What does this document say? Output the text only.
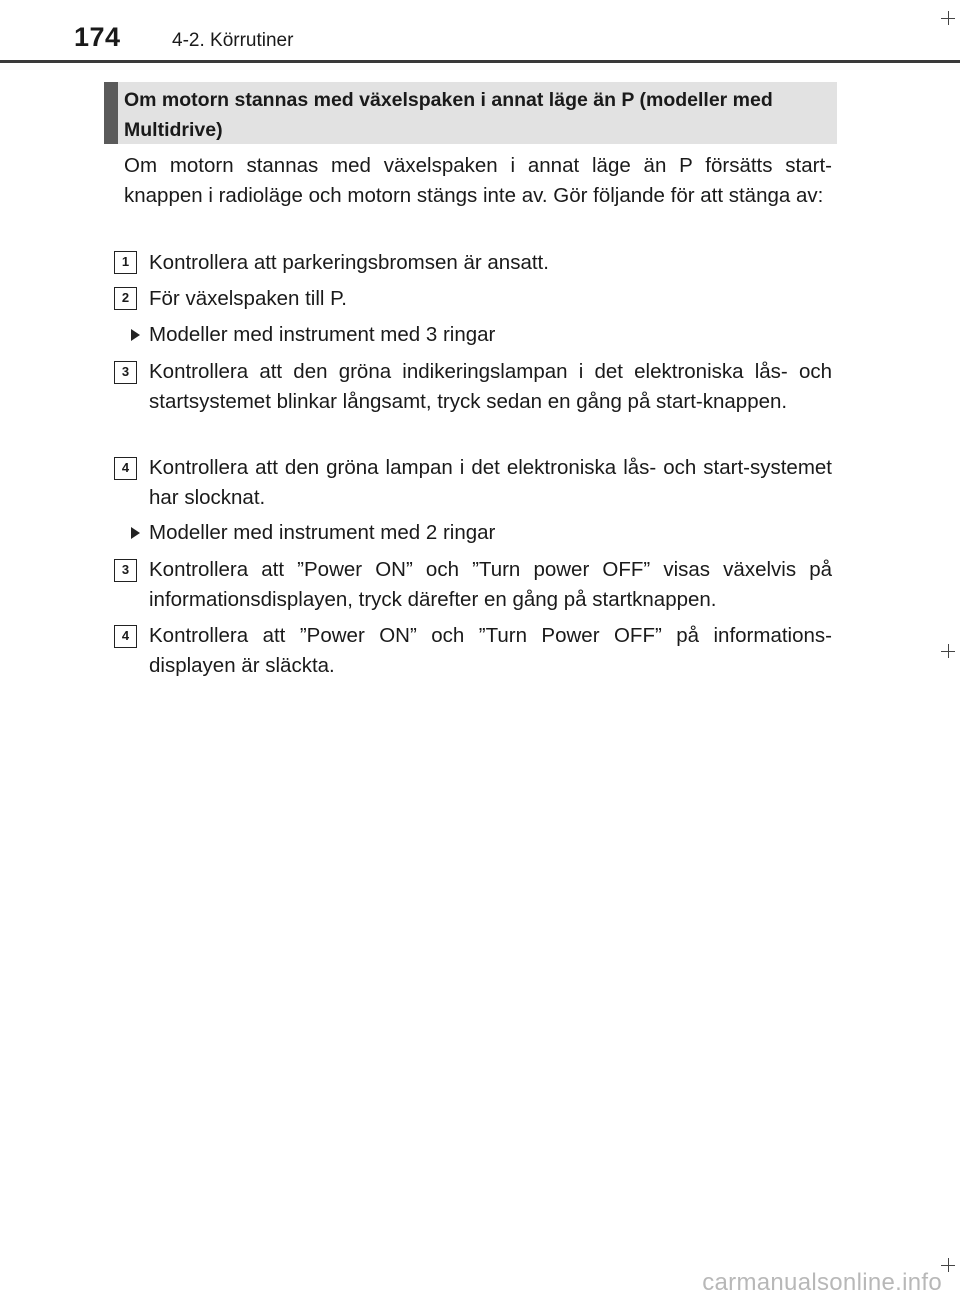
174	4-2. Körrutiner
Om motorn stannas med växelspaken i annat läge än P (modeller med Multidrive)
Om motorn stannas med växelspaken i annat läge än P försätts start-knappen i radioläge och motorn stängs inte av. Gör följande för att stänga av:
1 Kontrollera att parkeringsbromsen är ansatt.
2 För växelspaken till P.
Modeller med instrument med 3 ringar
3 Kontrollera att den gröna indikeringslampan i det elektroniska lås- och startsystemet blinkar långsamt, tryck sedan en gång på start-knappen.
4 Kontrollera att den gröna lampan i det elektroniska lås- och start-systemet har slocknat.
Modeller med instrument med 2 ringar
3 Kontrollera att ”Power ON” och ”Turn power OFF” visas växelvis på informationsdisplayen, tryck därefter en gång på startknappen.
4 Kontrollera att ”Power ON” och ”Turn Power OFF” på informations-displayen är släckta.
carmanualsonline.info
